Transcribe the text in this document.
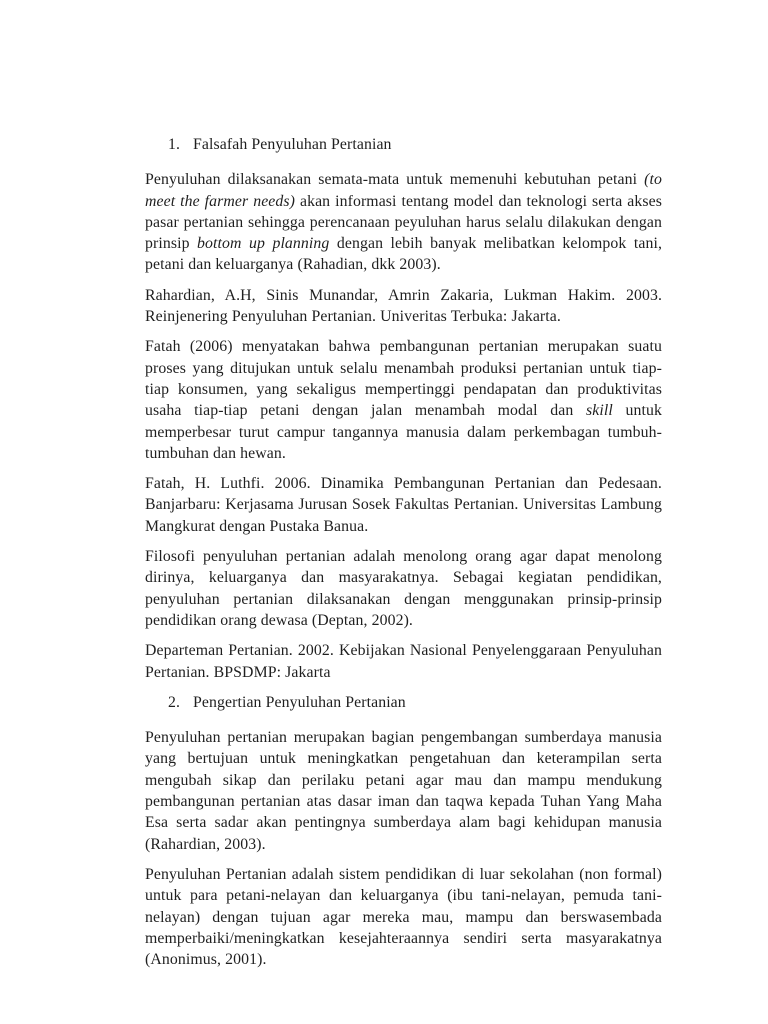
1. Falsafah Penyuluhan Pertanian

Penyuluhan dilaksanakan semata-mata untuk memenuhi kebutuhan petani (to meet the farmer needs) akan informasi tentang model dan teknologi serta akses pasar pertanian sehingga perencanaan peyuluhan harus selalu dilakukan dengan prinsip bottom up planning dengan lebih banyak melibatkan kelompok tani, petani dan keluarganya (Rahadian, dkk 2003).

Rahardian, A.H, Sinis Munandar, Amrin Zakaria, Lukman Hakim. 2003. Reinjenering Penyuluhan Pertanian. Univeritas Terbuka: Jakarta.

Fatah (2006) menyatakan bahwa pembangunan pertanian merupakan suatu proses yang ditujukan untuk selalu menambah produksi pertanian untuk tiap-tiap konsumen, yang sekaligus mempertinggi pendapatan dan produktivitas usaha tiap-tiap petani dengan jalan menambah modal dan skill untuk memperbesar turut campur tangannya manusia dalam perkembagan tumbuh-tumbuhan dan hewan.

Fatah, H. Luthfi. 2006. Dinamika Pembangunan Pertanian dan Pedesaan. Banjarbaru: Kerjasama Jurusan Sosek Fakultas Pertanian. Universitas Lambung Mangkurat dengan Pustaka Banua.

Filosofi penyuluhan pertanian adalah menolong orang agar dapat menolong dirinya, keluarganya dan masyarakatnya. Sebagai kegiatan pendidikan, penyuluhan pertanian dilaksanakan dengan menggunakan prinsip-prinsip pendidikan orang dewasa (Deptan, 2002).

Departeman Pertanian. 2002. Kebijakan Nasional Penyelenggaraan Penyuluhan Pertanian. BPSDMP: Jakarta

2. Pengertian Penyuluhan Pertanian

Penyuluhan pertanian merupakan bagian pengembangan sumberdaya manusia yang bertujuan untuk meningkatkan pengetahuan dan keterampilan serta mengubah sikap dan perilaku petani agar mau dan mampu mendukung pembangunan pertanian atas dasar iman dan taqwa kepada Tuhan Yang Maha Esa serta sadar akan pentingnya sumberdaya alam bagi kehidupan manusia (Rahardian, 2003).

Penyuluhan Pertanian adalah sistem pendidikan di luar sekolahan (non formal) untuk para petani-nelayan dan keluarganya (ibu tani-nelayan, pemuda tani-nelayan) dengan tujuan agar mereka mau, mampu dan berswasembada memperbaiki/meningkatkan kesejahteraannya sendiri serta masyarakatnya (Anonimus, 2001).
